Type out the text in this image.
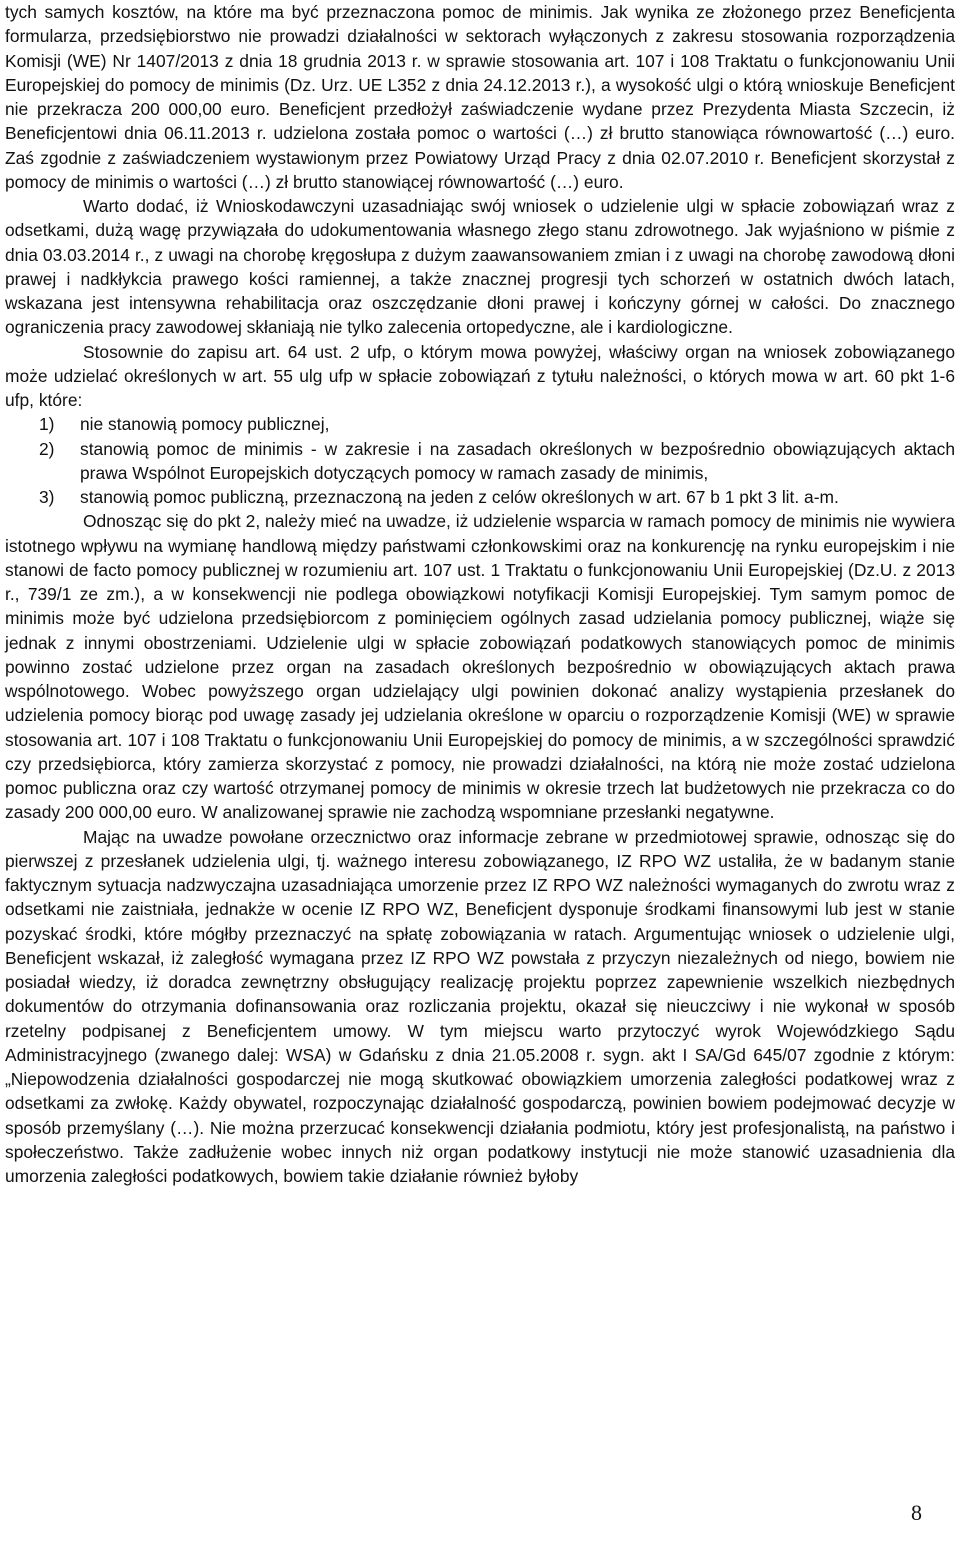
tych samych kosztów, na które ma być przeznaczona pomoc de minimis. Jak wynika ze złożonego przez Beneficjenta formularza, przedsiębiorstwo nie prowadzi działalności w sektorach wyłączonych z zakresu stosowania rozporządzenia Komisji (WE) Nr 1407/2013 z dnia 18 grudnia 2013 r. w sprawie stosowania art. 107 i 108 Traktatu o funkcjonowaniu Unii Europejskiej do pomocy de minimis (Dz. Urz. UE L352 z dnia 24.12.2013 r.), a wysokość ulgi o którą wnioskuje Beneficjent nie przekracza 200 000,00 euro. Beneficjent przedłożył zaświadczenie wydane przez Prezydenta Miasta Szczecin, iż Beneficjentowi dnia 06.11.2013 r. udzielona została pomoc o wartości (…) zł brutto stanowiąca równowartość (…) euro. Zaś zgodnie z zaświadczeniem wystawionym przez Powiatowy Urząd Pracy z dnia 02.07.2010 r. Beneficjent skorzystał z pomocy de minimis o wartości (…) zł brutto stanowiącej równowartość (…) euro.

Warto dodać, iż Wnioskodawczyni uzasadniając swój wniosek o udzielenie ulgi w spłacie zobowiązań wraz z odsetkami, dużą wagę przywiązała do udokumentowania własnego złego stanu zdrowotnego. Jak wyjaśniono w piśmie z dnia 03.03.2014 r., z uwagi na chorobę kręgosłupa z dużym zaawansowaniem zmian i z uwagi na chorobę zawodową dłoni prawej i nadkłykcia prawego kości ramiennej, a także znacznej progresji tych schorzeń w ostatnich dwóch latach, wskazana jest intensywna rehabilitacja oraz oszczędzanie dłoni prawej i kończyny górnej w całości. Do znacznego ograniczenia pracy zawodowej skłaniają nie tylko zalecenia ortopedyczne, ale i kardiologiczne.

Stosownie do zapisu art. 64 ust. 2 ufp, o którym mowa powyżej, właściwy organ na wniosek zobowiązanego może udzielać określonych w art. 55 ulg ufp w spłacie zobowiązań z tytułu należności, o których mowa w art. 60 pkt 1-6 ufp, które:

1) nie stanowią pomocy publicznej,
2) stanowią pomoc de minimis - w zakresie i na zasadach określonych w bezpośrednio obowiązujących aktach prawa Wspólnot Europejskich dotyczących pomocy w ramach zasady de minimis,
3) stanowią pomoc publiczną, przeznaczoną na jeden z celów określonych w art. 67 b 1 pkt 3 lit. a-m.

Odnosząc się do pkt 2, należy mieć na uwadze, iż udzielenie wsparcia w ramach pomocy de minimis nie wywiera istotnego wpływu na wymianę handlową między państwami członkowskimi oraz na konkurencję na rynku europejskim i nie stanowi de facto pomocy publicznej w rozumieniu art. 107 ust. 1 Traktatu o funkcjonowaniu Unii Europejskiej (Dz.U. z 2013 r., 739/1 ze zm.), a w konsekwencji nie podlega obowiązkowi notyfikacji Komisji Europejskiej. Tym samym pomoc de minimis może być udzielona przedsiębiorcom z pominięciem ogólnych zasad udzielania pomocy publicznej, wiąże się jednak z innymi obostrzeniami. Udzielenie ulgi w spłacie zobowiązań podatkowych stanowiących pomoc de minimis powinno zostać udzielone przez organ na zasadach określonych bezpośrednio w obowiązujących aktach prawa wspólnotowego. Wobec powyższego organ udzielający ulgi powinien dokonać analizy wystąpienia przesłanek do udzielenia pomocy biorąc pod uwagę zasady jej udzielania określone w oparciu o rozporządzenie Komisji (WE) w sprawie stosowania art. 107 i 108 Traktatu o funkcjonowaniu Unii Europejskiej do pomocy de minimis, a w szczególności sprawdzić czy przedsiębiorca, który zamierza skorzystać z pomocy, nie prowadzi działalności, na którą nie może zostać udzielona pomoc publiczna oraz czy wartość otrzymanej pomocy de minimis w okresie trzech lat budżetowych nie przekracza co do zasady 200 000,00 euro. W analizowanej sprawie nie zachodzą wspomniane przesłanki negatywne.

Mając na uwadze powołane orzecznictwo oraz informacje zebrane w przedmiotowej sprawie, odnosząc się do pierwszej z przesłanek udzielenia ulgi, tj. ważnego interesu zobowiązanego, IZ RPO WZ ustaliła, że w badanym stanie faktycznym sytuacja nadzwyczajna uzasadniająca umorzenie przez IZ RPO WZ należności wymaganych do zwrotu wraz z odsetkami nie zaistniała, jednakże w ocenie IZ RPO WZ, Beneficjent dysponuje środkami finansowymi lub jest w stanie pozyskać środki, które mógłby przeznaczyć na spłatę zobowiązania w ratach. Argumentując wniosek o udzielenie ulgi, Beneficjent wskazał, iż zaległość wymagana przez IZ RPO WZ powstała z przyczyn niezależnych od niego, bowiem nie posiadał wiedzy, iż doradca zewnętrzny obsługujący realizację projektu poprzez zapewnienie wszelkich niezbędnych dokumentów do otrzymania dofinansowania oraz rozliczania projektu, okazał się nieuczciwy i nie wykonał w sposób rzetelny podpisanej z Beneficjentem umowy. W tym miejscu warto przytoczyć wyrok Wojewódzkiego Sądu Administracyjnego (zwanego dalej: WSA) w Gdańsku z dnia 21.05.2008 r. sygn. akt I SA/Gd 645/07 zgodnie z którym: „Niepowodzenia działalności gospodarczej nie mogą skutkować obowiązkiem umorzenia zaległości podatkowej wraz z odsetkami za zwłokę. Każdy obywatel, rozpoczynając działalność gospodarczą, powinien bowiem podejmować decyzje w sposób przemyślany (…). Nie można przerzucać konsekwencji działania podmiotu, który jest profesjonalistą, na państwo i społeczeństwo. Także zadłużenie wobec innych niż organ podatkowy instytucji nie może stanowić uzasadnienia dla umorzenia zaległości podatkowych, bowiem takie działanie również byłoby

8
